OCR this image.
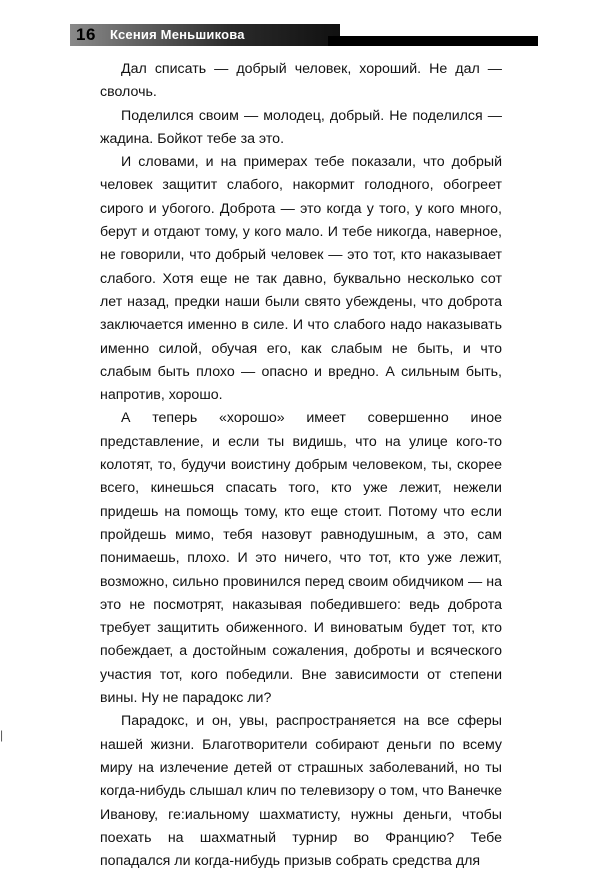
16 Ксения Меньшикова

Дал списать — добрый человек, хороший. Не дал — сволочь.

Поделился своим — молодец, добрый. Не поделился — жадина. Бойкот тебе за это.

И словами, и на примерах тебе показали, что добрый человек защитит слабого, накормит голодного, обогреет сирого и убогого. Доброта — это когда у того, у кого много, берут и отдают тому, у кого мало. И тебе никогда, наверное, не говорили, что добрый человек — это тот, кто наказывает слабого. Хотя еще не так давно, буквально несколько сот лет назад, предки наши были свято убеждены, что доброта заключается именно в силе. И что слабого надо наказывать именно силой, обучая его, как слабым не быть, и что слабым быть плохо — опасно и вредно. А сильным быть, напротив, хорошо.

А теперь «хорошо» имеет совершенно иное представление, и если ты видишь, что на улице кого-то колотят, то, будучи воистину добрым человеком, ты, скорее всего, кинешься спасать того, кто уже лежит, нежели придешь на помощь тому, кто еще стоит. Потому что если пройдешь мимо, тебя назовут равнодушным, а это, сам понимаешь, плохо. И это ничего, что тот, кто уже лежит, возможно, сильно провинился перед своим обидчиком — на это не посмотрят, наказывая победившего: ведь доброта требует защитить обиженного. И виноватым будет тот, кто побеждает, а достойным сожаления, доброты и всяческого участия тот, кого победили. Вне зависимости от степени вины. Ну не парадокс ли?

Парадокс, и он, увы, распространяется на все сферы нашей жизни. Благотворители собирают деньги по всему миру на излечение детей от страшных заболеваний, но ты когда-нибудь слышал клич по телевизору о том, что Ванечке Иванову, ге:иальному шахматисту, нужны деньги, чтобы поехать на шахматный турнир во Францию? Тебе попадался ли когда-нибудь призыв собрать средства для

|
